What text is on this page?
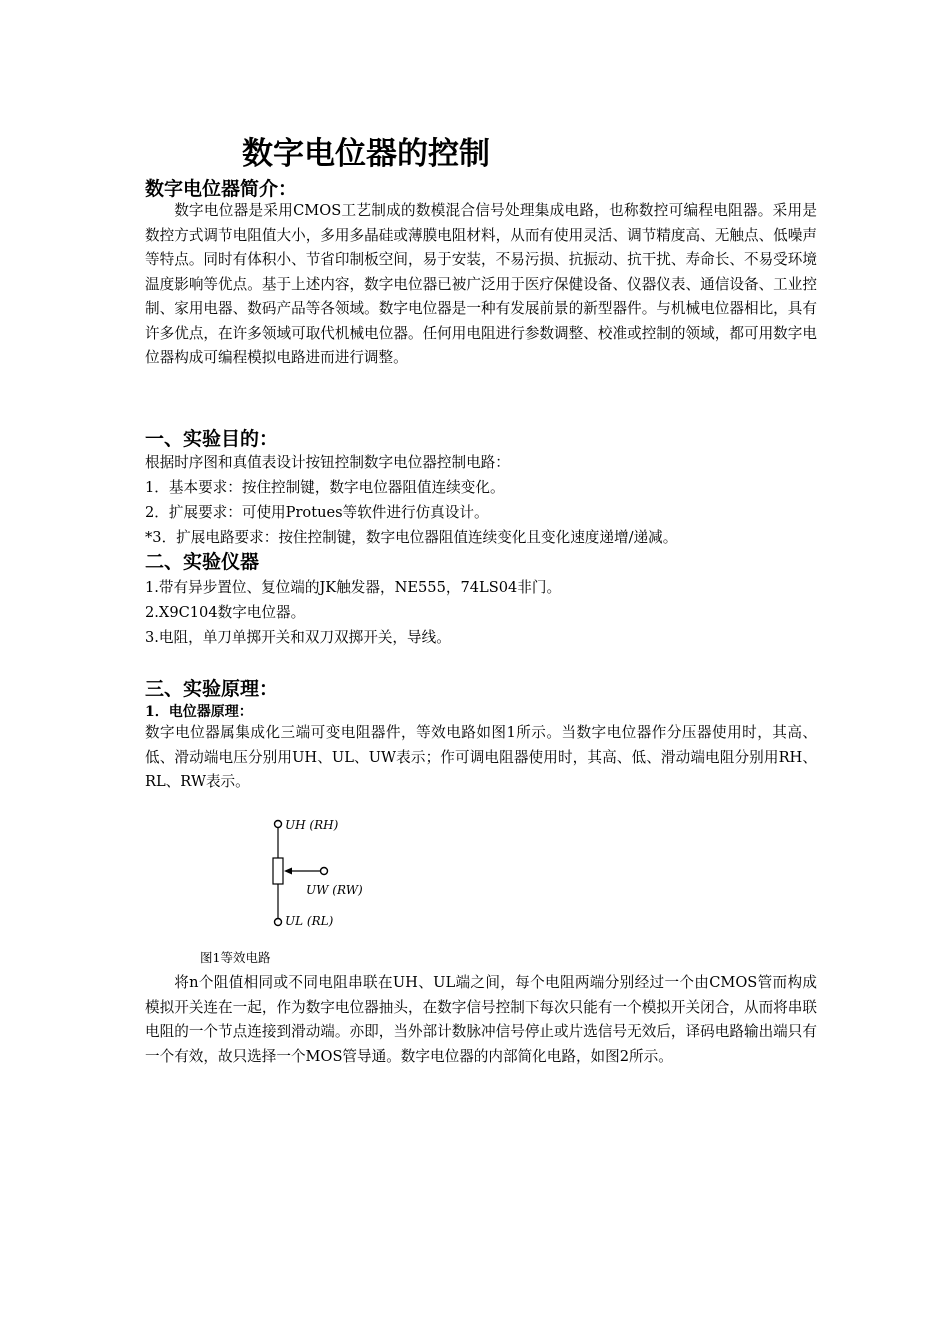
数字电位器的控制
数字电位器简介：
数字电位器是采用CMOS工艺制成的数模混合信号处理集成电路，也称数控可编程电阻器。采用是数控方式调节电阻值大小，多用多晶硅或薄膜电阻材料，从而有使用灵活、调节精度高、无触点、低噪声等特点。同时有体积小、节省印制板空间，易于安装，不易污损、抗振动、抗干扰、寿命长、不易受环境温度影响等优点。基于上述内容，数字电位器已被广泛用于医疗保健设备、仪器仪表、通信设备、工业控制、家用电器、数码产品等各领域。数字电位器是一种有发展前景的新型器件。与机械电位器相比，具有许多优点，在许多领域可取代机械电位器。任何用电阻进行参数调整、校准或控制的领域，都可用数字电位器构成可编程模拟电路进而进行调整。
一、实验目的：
根据时序图和真值表设计按钮控制数字电位器控制电路：
1．基本要求：按住控制键，数字电位器阻值连续变化。
2．扩展要求：可使用Protues等软件进行仿真设计。
*3．扩展电路要求：按住控制键，数字电位器阻值连续变化且变化速度递增/递减。
二、实验仪器
1.带有异步置位、复位端的JK触发器，NE555，74LS04非门。
2.X9C104数字电位器。
3.电阻，单刀单掷开关和双刀双掷开关，导线。
三、实验原理：
1．电位器原理：
数字电位器属集成化三端可变电阻器件，等效电路如图1所示。当数字电位器作分压器使用时，其高、低、滑动端电压分别用UH、UL、UW表示；作可调电阻器使用时，其高、低、滑动端电阻分别用RH、RL、RW表示。
UH (RH)
UW (RW)
UL (RL)
图1等效电路
将n个阻值相同或不同电阻串联在UH、UL端之间，每个电阻两端分别经过一个由CMOS管而构成模拟开关连在一起，作为数字电位器抽头，在数字信号控制下每次只能有一个模拟开关闭合，从而将串联电阻的一个节点连接到滑动端。亦即，当外部计数脉冲信号停止或片选信号无效后，译码电路输出端只有一个有效，故只选择一个MOS管导通。数字电位器的内部简化电路，如图2所示。
